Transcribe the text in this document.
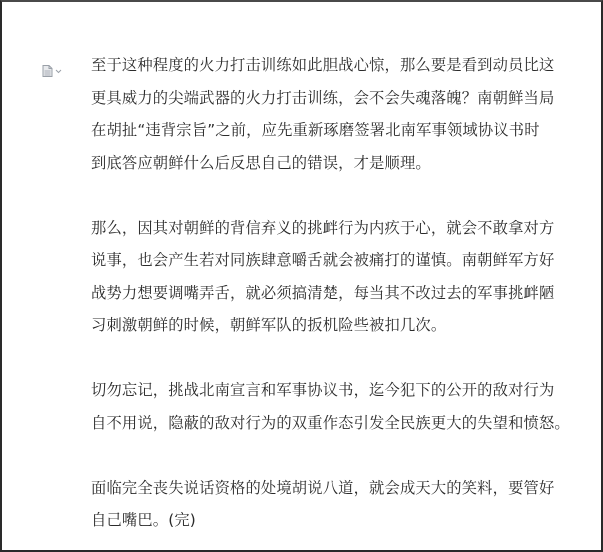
至于这种程度的火力打击训练如此胆战心惊，那么要是看到动员比这
更具威力的尖端武器的火力打击训练，会不会失魂落魄？南朝鲜当局
在胡扯“违背宗旨”之前，应先重新琢磨签署北南军事领域协议书时
到底答应朝鲜什么后反思自己的错误，才是顺理。

那么，因其对朝鲜的背信弃义的挑衅行为内疚于心，就会不敢拿对方
说事，也会产生若对同族肆意嚼舌就会被痛打的谨慎。南朝鲜军方好
战势力想要调嘴弄舌，就必须搞清楚，每当其不改过去的军事挑衅陋
习刺激朝鲜的时候，朝鲜军队的扳机险些被扣几次。

切勿忘记，挑战北南宣言和军事协议书，迄今犯下的公开的敌对行为
自不用说，隐蔽的敌对行为的双重作态引发全民族更大的失望和愤怒。

面临完全丧失说话资格的处境胡说八道，就会成天大的笑料，要管好
自己嘴巴。(完)
